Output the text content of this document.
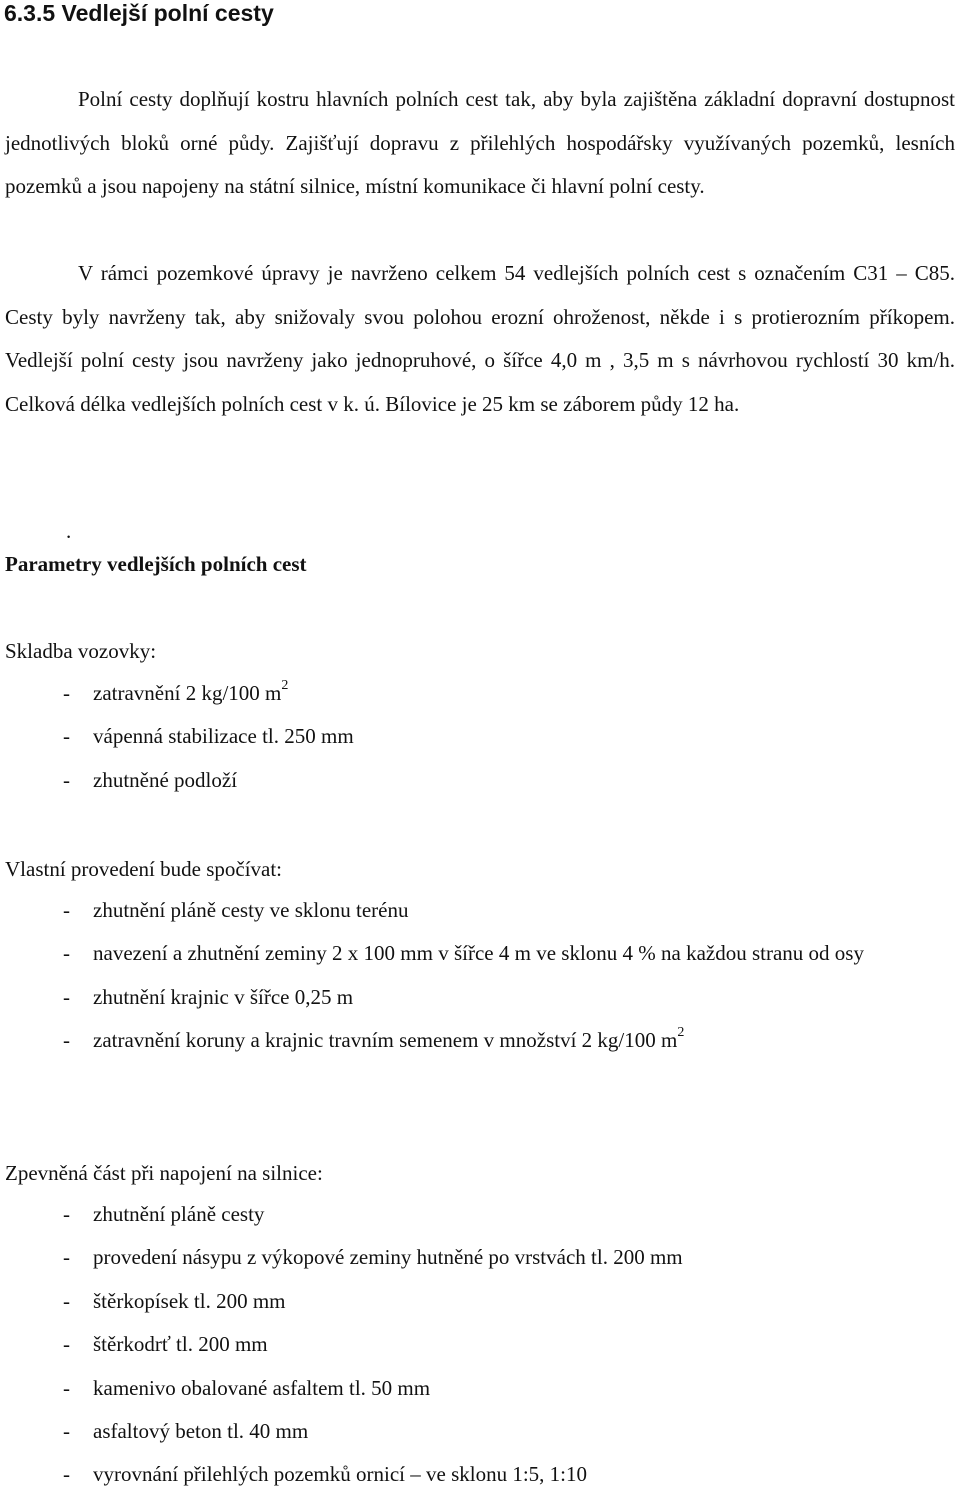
6.3.5 Vedlejší polní cesty

Polní cesty doplňují kostru hlavních polních cest tak, aby byla zajištěna základní dopravní dostupnost jednotlivých bloků orné půdy. Zajišťují dopravu z přilehlých hospodářsky využívaných pozemků, lesních pozemků a jsou napojeny na státní silnice, místní komunikace či hlavní polní cesty.

V rámci pozemkové úpravy je navrženo celkem 54 vedlejších polních cest s označením C31 – C85. Cesty byly navrženy tak, aby snižovaly svou polohou erozní ohroženost, někde i s protierozním příkopem. Vedlejší polní cesty jsou navrženy jako jednopruhové, o šířce 4,0 m , 3,5 m s návrhovou rychlostí 30 km/h. Celková délka vedlejších polních cest v k. ú. Bílovice je 25 km se záborem půdy 12 ha.

.
Parametry vedlejších polních cest
Skladba vozovky:
- zatravnění 2 kg/100 $m^2$
- vápenná stabilizace tl. 250 mm
- zhutněné podloží
Vlastní provedení bude spočívat:
- zhutnění pláně cesty ve sklonu terénu
- navezení a zhutnění zeminy 2 x 100 mm v šířce 4 m ve sklonu 4 % na každou stranu od osy
- zhutnění krajnic v šířce 0,25 m
- zatravnění koruny a krajnic travním semenem v množství 2 kg/100 $m^2$
Zpevněná část při napojení na silnice:
- zhutnění pláně cesty
- provedení násypu z výkopové zeminy hutněné po vrstvách tl. 200 mm
- štěrkopísek tl. 200 mm
- štěrkodrť tl. 200 mm
- kamenivo obalované asfaltem tl. 50 mm
- asfaltový beton tl. 40 mm
- vyrovnání přilehlých pozemků ornicí – ve sklonu 1:5, 1:10
